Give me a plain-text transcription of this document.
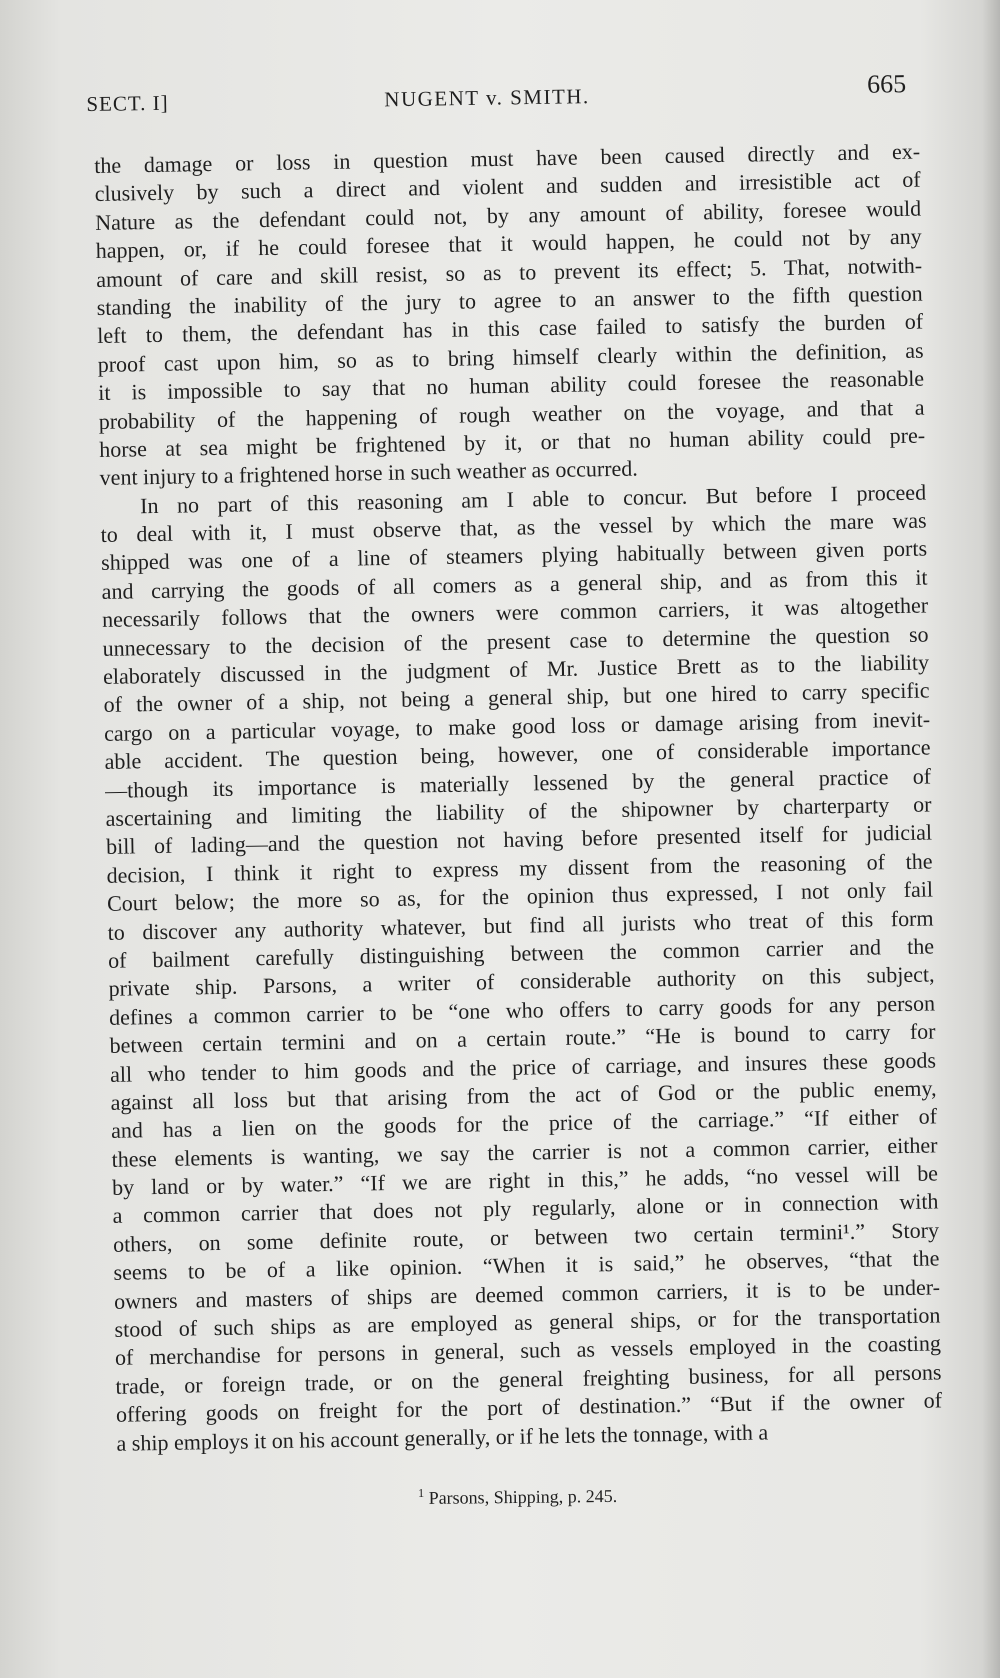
SECT. I]	NUGENT v. SMITH.	665
the damage or loss in question must have been caused directly and ex-
clusively by such a direct and violent and sudden and irresistible act of
Nature as the defendant could not, by any amount of ability, foresee would
happen, or, if he could foresee that it would happen, he could not by any
amount of care and skill resist, so as to prevent its effect; 5. That, notwith-
standing the inability of the jury to agree to an answer to the fifth question
left to them, the defendant has in this case failed to satisfy the burden of
proof cast upon him, so as to bring himself clearly within the definition, as
it is impossible to say that no human ability could foresee the reasonable
probability of the happening of rough weather on the voyage, and that a
horse at sea might be frightened by it, or that no human ability could pre-
vent injury to a frightened horse in such weather as occurred.
In no part of this reasoning am I able to concur. But before I proceed
to deal with it, I must observe that, as the vessel by which the mare was
shipped was one of a line of steamers plying habitually between given ports
and carrying the goods of all comers as a general ship, and as from this it
necessarily follows that the owners were common carriers, it was altogether
unnecessary to the decision of the present case to determine the question so
elaborately discussed in the judgment of Mr. Justice Brett as to the liability
of the owner of a ship, not being a general ship, but one hired to carry specific
cargo on a particular voyage, to make good loss or damage arising from inevit-
able accident. The question being, however, one of considerable importance
—though its importance is materially lessened by the general practice of
ascertaining and limiting the liability of the shipowner by charterparty or
bill of lading—and the question not having before presented itself for judicial
decision, I think it right to express my dissent from the reasoning of the
Court below; the more so as, for the opinion thus expressed, I not only fail
to discover any authority whatever, but find all jurists who treat of this form
of bailment carefully distinguishing between the common carrier and the
private ship. Parsons, a writer of considerable authority on this subject,
defines a common carrier to be “one who offers to carry goods for any person
between certain termini and on a certain route.” “He is bound to carry for
all who tender to him goods and the price of carriage, and insures these goods
against all loss but that arising from the act of God or the public enemy,
and has a lien on the goods for the price of the carriage.” “If either of
these elements is wanting, we say the carrier is not a common carrier, either
by land or by water.” “If we are right in this,” he adds, “no vessel will be
a common carrier that does not ply regularly, alone or in connection with
others, on some definite route, or between two certain termini¹.” Story
seems to be of a like opinion. “When it is said,” he observes, “that the
owners and masters of ships are deemed common carriers, it is to be under-
stood of such ships as are employed as general ships, or for the transportation
of merchandise for persons in general, such as vessels employed in the coasting
trade, or foreign trade, or on the general freighting business, for all persons
offering goods on freight for the port of destination.” “But if the owner of
a ship employs it on his account generally, or if he lets the tonnage, with a
$^1$ Parsons, Shipping, p. 245.
